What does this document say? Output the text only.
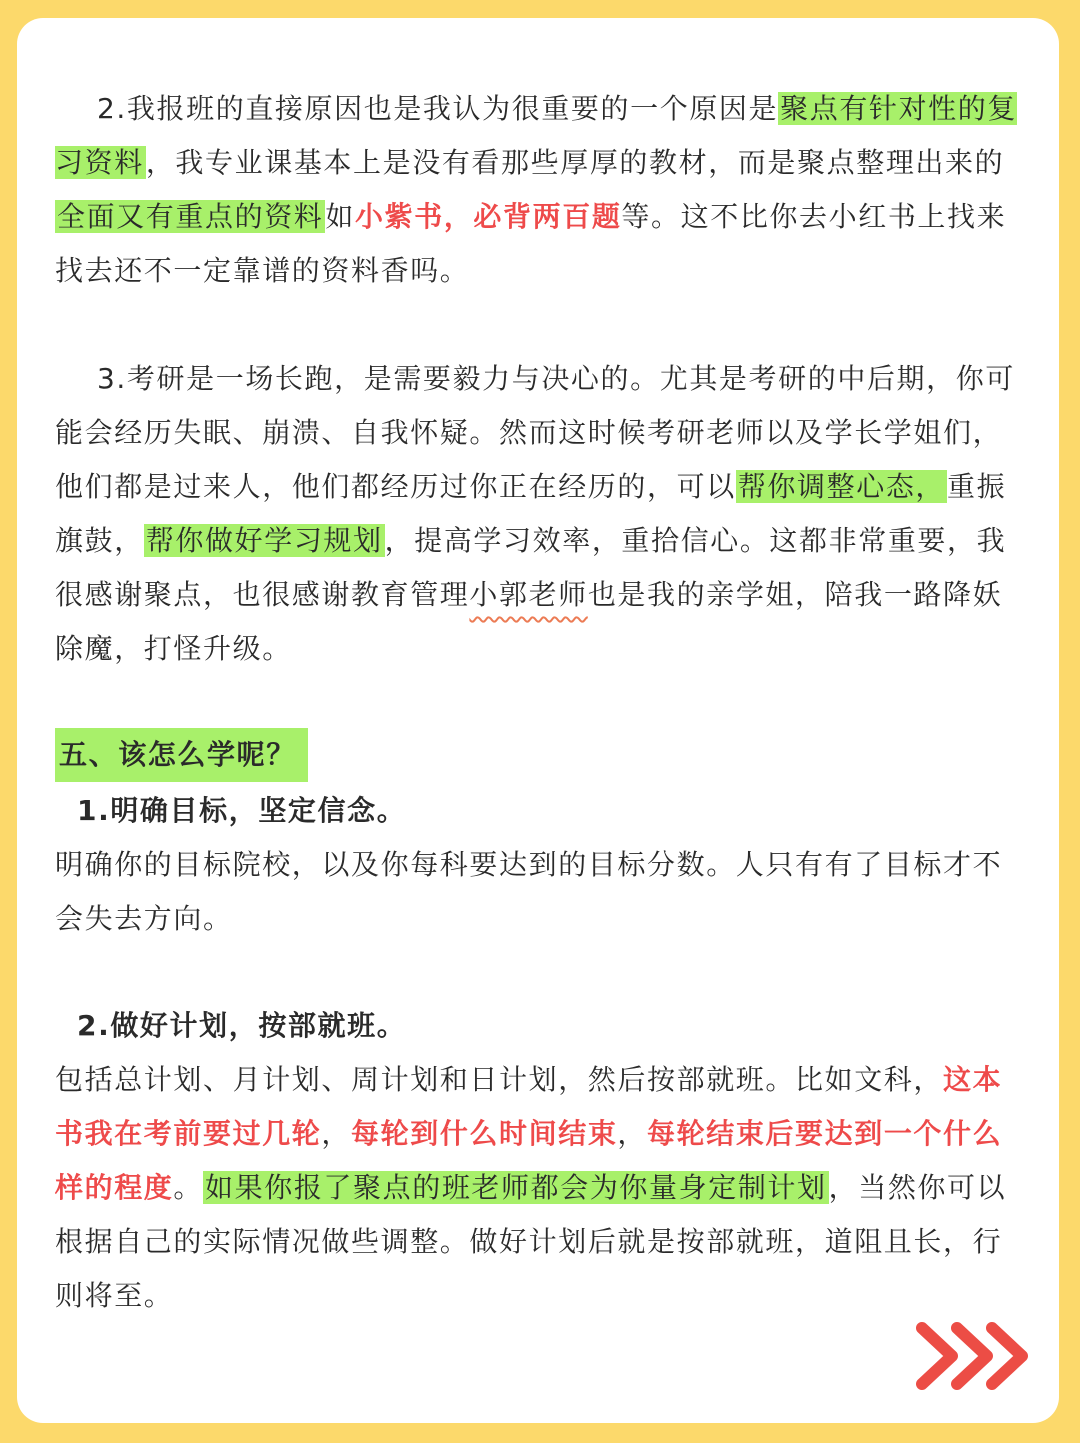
2.我报班的直接原因也是我认为很重要的一个原因是聚点有针对性的复习资料，我专业课基本上是没有看那些厚厚的教材，而是聚点整理出来的全面又有重点的资料如小紫书，必背两百题等。这不比你去小红书上找来找去还不一定靠谱的资料香吗。
3.考研是一场长跑，是需要毅力与决心的。尤其是考研的中后期，你可能会经历失眠、崩溃、自我怀疑。然而这时候考研老师以及学长学姐们，他们都是过来人，他们都经历过你正在经历的，可以帮你调整心态，重振旗鼓，帮你做好学习规划，提高学习效率，重拾信心。这都非常重要，我很感谢聚点，也很感谢教育管理小郭老师也是我的亲学姐，陪我一路降妖除魔，打怪升级。
五、该怎么学呢？
1.明确目标，坚定信念。
明确你的目标院校，以及你每科要达到的目标分数。人只有有了目标才不会失去方向。
2.做好计划，按部就班。
包括总计划、月计划、周计划和日计划，然后按部就班。比如文科，这本书我在考前要过几轮，每轮到什么时间结束，每轮结束后要达到一个什么样的程度。如果你报了聚点的班老师都会为你量身定制计划，当然你可以根据自己的实际情况做些调整。做好计划后就是按部就班，道阻且长，行则将至。
